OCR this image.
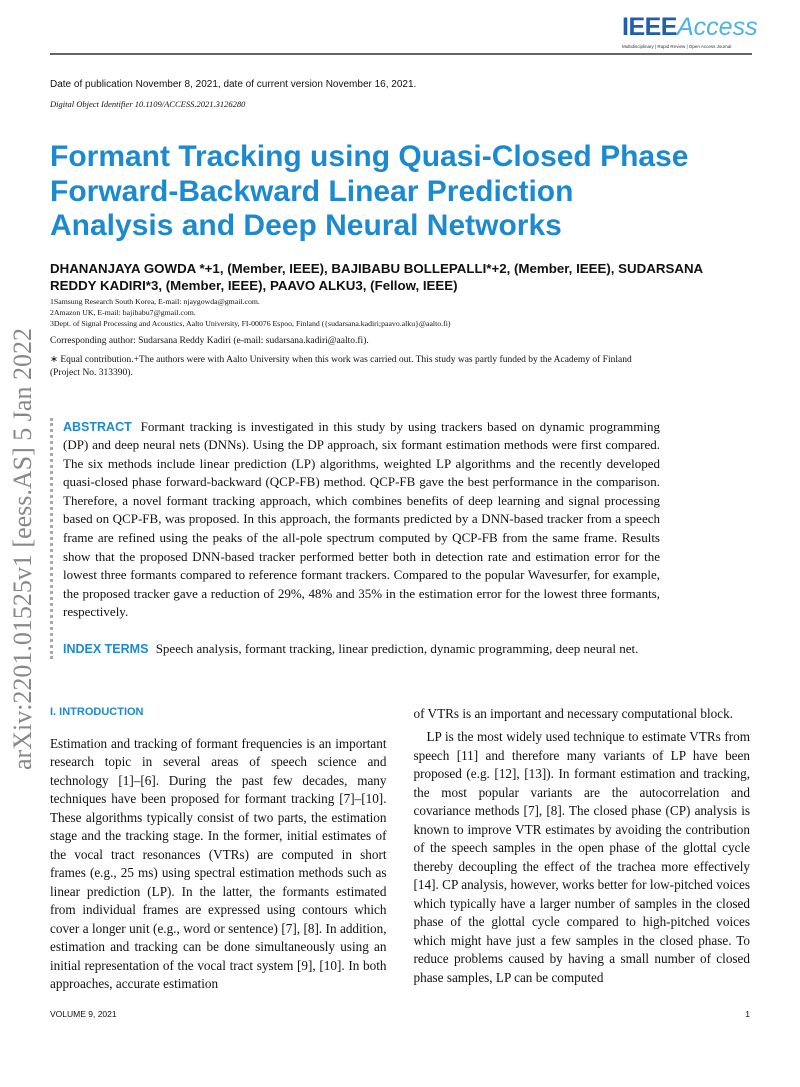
IEEEAccess
Multidisciplinary | Rapid Review | Open Access Journal
arXiv:2201.01525v1 [eess.AS] 5 Jan 2022
Date of publication November 8, 2021, date of current version November 16, 2021.
Digital Object Identifier 10.1109/ACCESS.2021.3126280
Formant Tracking using Quasi-Closed Phase Forward-Backward Linear Prediction Analysis and Deep Neural Networks
DHANANJAYA GOWDA *+1, (Member, IEEE), BAJIBABU BOLLEPALLI*+2, (Member, IEEE), SUDARSANA REDDY KADIRI*3, (Member, IEEE), PAAVO ALKU3, (Fellow, IEEE)
1Samsung Research South Korea, E-mail: njaygowda@gmail.com.
2Amazon UK, E-mail: bajibabu7@gmail.com.
3Dept. of Signal Processing and Acoustics, Aalto University, FI-00076 Espoo, Finland ({sudarsana.kadiri;paavo.alku}@aalto.fi)
Corresponding author: Sudarsana Reddy Kadiri (e-mail: sudarsana.kadiri@aalto.fi).
∗ Equal contribution.+The authors were with Aalto University when this work was carried out. This study was partly funded by the Academy of Finland (Project No. 313390).
ABSTRACT Formant tracking is investigated in this study by using trackers based on dynamic programming (DP) and deep neural nets (DNNs). Using the DP approach, six formant estimation methods were first compared. The six methods include linear prediction (LP) algorithms, weighted LP algorithms and the recently developed quasi-closed phase forward-backward (QCP-FB) method. QCP-FB gave the best performance in the comparison. Therefore, a novel formant tracking approach, which combines benefits of deep learning and signal processing based on QCP-FB, was proposed. In this approach, the formants predicted by a DNN-based tracker from a speech frame are refined using the peaks of the all-pole spectrum computed by QCP-FB from the same frame. Results show that the proposed DNN-based tracker performed better both in detection rate and estimation error for the lowest three formants compared to reference formant trackers. Compared to the popular Wavesurfer, for example, the proposed tracker gave a reduction of 29%, 48% and 35% in the estimation error for the lowest three formants, respectively.
INDEX TERMS Speech analysis, formant tracking, linear prediction, dynamic programming, deep neural net.
I. INTRODUCTION
Estimation and tracking of formant frequencies is an important research topic in several areas of speech science and technology [1]–[6]. During the past few decades, many techniques have been proposed for formant tracking [7]–[10]. These algorithms typically consist of two parts, the estimation stage and the tracking stage. In the former, initial estimates of the vocal tract resonances (VTRs) are computed in short frames (e.g., 25 ms) using spectral estimation methods such as linear prediction (LP). In the latter, the formants estimated from individual frames are expressed using contours which cover a longer unit (e.g., word or sentence) [7], [8]. In addition, estimation and tracking can be done simultaneously using an initial representation of the vocal tract system [9], [10]. In both approaches, accurate estimation

of VTRs is an important and necessary computational block.

LP is the most widely used technique to estimate VTRs from speech [11] and therefore many variants of LP have been proposed (e.g. [12], [13]). In formant estimation and tracking, the most popular variants are the autocorrelation and covariance methods [7], [8]. The closed phase (CP) analysis is known to improve VTR estimates by avoiding the contribution of the speech samples in the open phase of the glottal cycle thereby decoupling the effect of the trachea more effectively [14]. CP analysis, however, works better for low-pitched voices which typically have a larger number of samples in the closed phase of the glottal cycle compared to high-pitched voices which might have just a few samples in the closed phase. To reduce problems caused by having a small number of closed phase samples, LP can be computed

VOLUME 9, 2021	1
